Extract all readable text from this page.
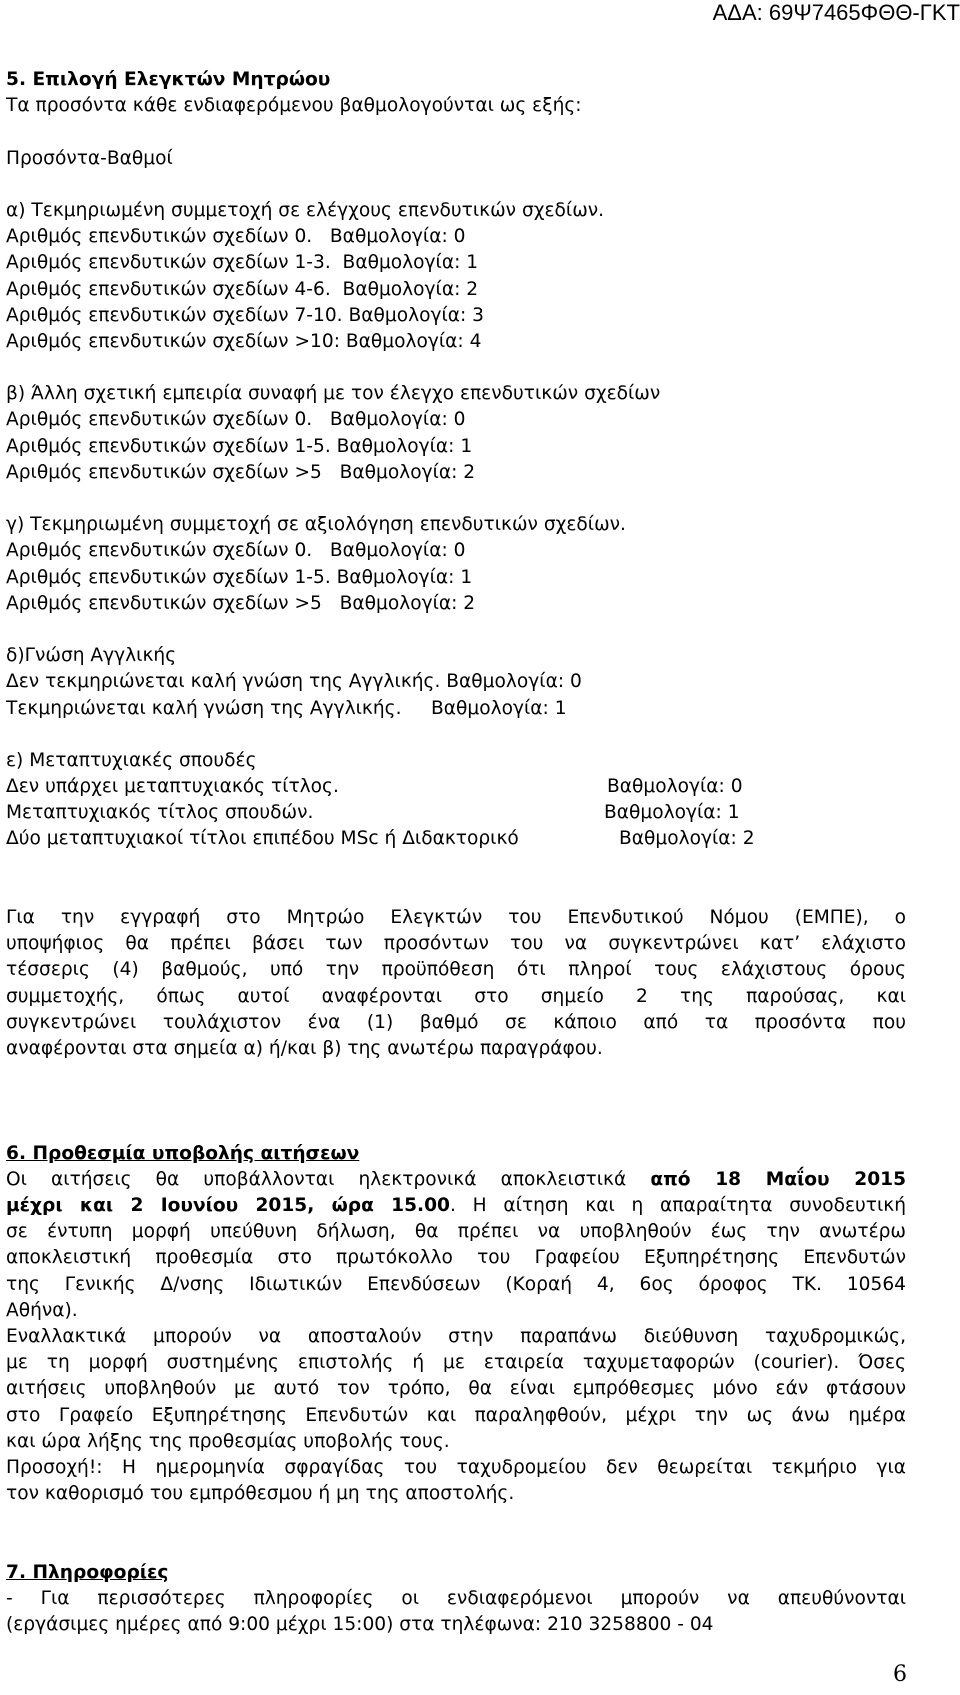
ΑΔΑ: 69Ψ7465ΦΘΘ-ΓΚΤ
5. Επιλογή Ελεγκτών Μητρώου
Τα προσόντα κάθε ενδιαφερόμενου βαθμολογούνται ως εξής:
Προσόντα-Βαθμοί
α) Τεκμηριωμένη συμμετοχή σε ελέγχους επενδυτικών σχεδίων.
Αριθμός επενδυτικών σχεδίων 0.   Βαθμολογία: 0
Αριθμός επενδυτικών σχεδίων 1-3.  Βαθμολογία: 1
Αριθμός επενδυτικών σχεδίων 4-6.  Βαθμολογία: 2
Αριθμός επενδυτικών σχεδίων 7-10. Βαθμολογία: 3
Αριθμός επενδυτικών σχεδίων >10: Βαθμολογία: 4
β) Άλλη σχετική εμπειρία συναφή με τον έλεγχο επενδυτικών σχεδίων
Αριθμός επενδυτικών σχεδίων 0.   Βαθμολογία: 0
Αριθμός επενδυτικών σχεδίων 1-5. Βαθμολογία: 1
Αριθμός επενδυτικών σχεδίων >5   Βαθμολογία: 2
γ) Τεκμηριωμένη συμμετοχή σε αξιολόγηση επενδυτικών σχεδίων.
Αριθμός επενδυτικών σχεδίων 0.   Βαθμολογία: 0
Αριθμός επενδυτικών σχεδίων 1-5. Βαθμολογία: 1
Αριθμός επενδυτικών σχεδίων >5   Βαθμολογία: 2
δ)Γνώση Αγγλικής
Δεν τεκμηριώνεται καλή γνώση της Αγγλικής. Βαθμολογία: 0
Τεκμηριώνεται καλή γνώση της Αγγλικής.     Βαθμολογία: 1
ε) Μεταπτυχιακές σπουδές
Δεν υπάρχει μεταπτυχιακός τίτλος.	Βαθμολογία: 0
Μεταπτυχιακός τίτλος σπουδών.	Βαθμολογία: 1
Δύο μεταπτυχιακοί τίτλοι επιπέδου MSc ή Διδακτορικό	Βαθμολογία: 2
Για την εγγραφή στο Μητρώο Ελεγκτών του Επενδυτικού Νόμου (ΕΜΠΕ), ο
υποψήφιος θα πρέπει βάσει των προσόντων του να συγκεντρώνει κατ’ ελάχιστο
τέσσερις (4) βαθμούς, υπό την προϋπόθεση ότι πληροί τους ελάχιστους όρους
συμμετοχής, όπως αυτοί αναφέρονται στο σημείο 2 της παρούσας, και
συγκεντρώνει τουλάχιστον ένα (1) βαθμό σε κάποιο από τα προσόντα που
αναφέρονται στα σημεία α) ή/και β) της ανωτέρω παραγράφου.
6. Προθεσμία υποβολής αιτήσεων
Οι αιτήσεις θα υποβάλλονται ηλεκτρονικά αποκλειστικά από 18 Μαΐου 2015
μέχρι και 2 Ιουνίου 2015, ώρα 15.00. Η αίτηση και η απαραίτητα συνοδευτική
σε έντυπη μορφή υπεύθυνη δήλωση, θα πρέπει να υποβληθούν έως την ανωτέρω
αποκλειστική προθεσμία στο πρωτόκολλο του Γραφείου Εξυπηρέτησης Επενδυτών
της Γενικής Δ/νσης Ιδιωτικών Επενδύσεων (Κοραή 4, 6ος όροφος ΤΚ. 10564
Αθήνα).
Εναλλακτικά μπορούν να αποσταλούν στην παραπάνω διεύθυνση ταχυδρομικώς,
με τη μορφή συστημένης επιστολής ή με εταιρεία ταχυμεταφορών (courier). Όσες
αιτήσεις υποβληθούν με αυτό τον τρόπο, θα είναι εμπρόθεσμες μόνο εάν φτάσουν
στο Γραφείο Εξυπηρέτησης Επενδυτών και παραληφθούν, μέχρι την ως άνω ημέρα
και ώρα λήξης της προθεσμίας υποβολής τους.
Προσοχή!: Η ημερομηνία σφραγίδας του ταχυδρομείου δεν θεωρείται τεκμήριο για
τον καθορισμό του εμπρόθεσμου ή μη της αποστολής.
7. Πληροφορίες
- Για περισσότερες πληροφορίες οι ενδιαφερόμενοι μπορούν να απευθύνονται
(εργάσιμες ημέρες από 9:00 μέχρι 15:00) στα τηλέφωνα: 210 3258800 - 04
6
